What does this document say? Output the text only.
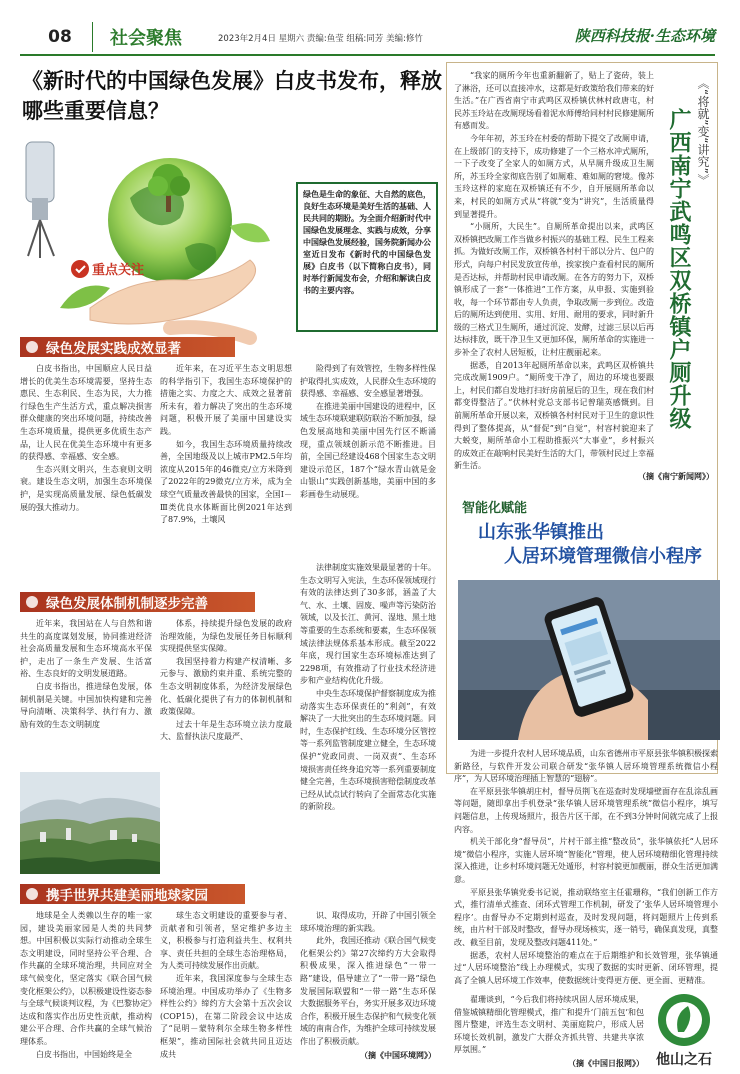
08	社会聚焦	2023年2月4日 星期六 责编:鱼莹 组稿:同芳 美编:修竹	陕西科技报·生态环境
《新时代的中国绿色发展》白皮书发布，释放哪些重要信息？
重点关注
绿色是生命的象征、大自然的底色，良好生态环境是美好生活的基础、人民共同的期盼。为全面介绍新时代中国绿色发展理念、实践与成效，分享中国绿色发展经验，国务院新闻办公室近日发布《新时代的中国绿色发展》白皮书（以下简称白皮书），同时举行新闻发布会，介绍和解读白皮书的主要内容。
绿色发展实践成效显著

白皮书指出，中国顺应人民日益增长的优美生态环境需要，坚持生态惠民、生态利民、生态为民，大力推行绿色生产生活方式，重点解决损害群众健康的突出环境问题，持续改善生态环境质量，提供更多优质生态产品，让人民在优美生态环境中有更多的获得感、幸福感、安全感。

生态兴则文明兴，生态衰则文明衰。建设生态文明，加强生态环境保护，是实现高质量发展、绿色低碳发展的强大推动力。

近年来，在习近平生态文明思想的科学指引下，我国生态环境保护的措施之实、力度之大、成效之显著前所未有，着力解决了突出的生态环境问题，积极开展了美丽中国建设实践。

如今，我国生态环境质量持续改善，全国地级及以上城市PM2.5年均浓度从2015年的46微克/立方米降到了2022年的29微克/立方米，成为全球空气质量改善最快的国家，全国Ⅰ－Ⅲ类优良水体断面比例2021年达到了87.9%，土壤风

险得到了有效管控，生物多样性保护取得扎实成效，人民群众生态环境的获得感、幸福感、安全感显著增强。

在推进美丽中国建设的进程中，区域生态环境联建联防联治不断加强，绿色发展高地和美丽中国先行区不断涌现，重点领域创新示范不断推进。目前，全国已经建设468个国家生态文明建设示范区，187个“绿水青山就是金山银山”实践创新基地，美丽中国的多彩画卷生动展现。

绿色发展体制机制逐步完善

近年来，我国站在人与自然和谐共生的高度谋划发展，协同推进经济社会高质量发展和生态环境高水平保护，走出了一条生产发展、生活富裕、生态良好的文明发展道路。

白皮书指出，推进绿色发展，体制机制是关键。中国加快构建和完善导向清晰、决策科学、执行有力、激励有效的生态文明制度

体系，持续提升绿色发展的政府治理效能，为绿色发展任务目标顺利实现提供坚实保障。

我国坚持着力构建产权清晰、多元参与、激励约束并重、系统完整的生态文明制度体系，为经济发展绿色化、低碳化提供了有力的体制机制和政策保障。

过去十年是生态环境立法力度最大、监督执法尺度最严、

法律制度实施效果最显著的十年。生态文明写入宪法，生态环保领域现行有效的法律达到了30多部，涵盖了大气、水、土壤、固废、噪声等污染防治领域，以及长江、黄河、湿地、黑土地等重要的生态系统和要素，生态环保领域法律法规体系基本形成。截至2022年底，现行国家生态环境标准达到了2298项，有效推动了行业技术经济进步和产业结构优化升级。

中央生态环境保护督察制度成为推动落实生态环保责任的“利剑”，有效解决了一大批突出的生态环境问题。同时，生态保护红线、生态环境分区管控等一系列监管制度建立健全，生态环境保护“党政同责、一岗双责”、生态环境损害责任终身追究等一系列重要制度健全完善，生态环境损害赔偿制度改革已经从试点试行转向了全面常态化实施的新阶段。

携手世界共建美丽地球家园

地球是全人类赖以生存的唯一家园，建设美丽家园是人类的共同梦想。中国积极以实际行动推动全球生态文明建设，同时坚持公平合理、合作共赢的全球环境治理，共同应对全球气候变化，坚定落实《联合国气候变化框架公约》，以积极建设性姿态参与全球气候谈判议程，为《巴黎协定》达成和落实作出历史性贡献，推动构建公平合理、合作共赢的全球气候治理体系。

白皮书指出，中国始终是全

球生态文明建设的重要参与者、贡献者和引领者，坚定维护多边主义，积极参与打造利益共生、权利共享、责任共担的全球生态治理格局，为人类可持续发展作出贡献。

近年来，我国深度参与全球生态环境治理。中国成功举办了《生物多样性公约》缔约方大会第十五次会议(COP15)，在第二阶段会议中达成了“昆明－蒙特利尔全球生物多样性框架”，推动国际社会就共同且迈达成共

识、取得成功，开辟了中国引领全球环境治理的新实践。

此外，我国还推动《联合国气候变化框架公约》第27次缔约方大会取得积极成果，深入推进绿色“一带一路”建设，倡导建立了“一带一路”绿色发展国际联盟和“一带一路”生态环保大数据服务平台，务实开展多双边环境合作，积极开展生态保护和气候变化领域的南南合作，为维护全球可持续发展作出了积极贡献。

（摘《中国环境网》）

《“将就”变“讲究”》
广西南宁武鸣区双桥镇户厕升级

“我家的厕所今年也重新翻新了，贴上了瓷砖，装上了淋浴，还可以直接冲水，这都是好政策给我们带来的好生活。”在广西省南宁市武鸣区双桥镇伏林村政唐屯，村民苏玉玲站在改厕现场看着泥水师傅给同村村民修建厕所有感而发。

今年年初，苏玉玲在村委的帮助下提交了改厕申请，在上级部门的支持下，成功修建了一个三格水冲式厕所，一下子改变了全家人的如厕方式，从早厕升级成卫生厕所，苏玉玲全家彻底告别了如厕难、难如厕的窘境。像苏玉玲这样的家庭在双桥镇还有不少，自开展厕所革命以来，村民的如厕方式从“将就”变为“讲究”，生活质量得到显著提升。

“小厕所，大民生”。自厕所革命提出以来，武鸣区双桥镇把改厕工作当做乡村振兴的基础工程、民生工程来抓。为做好改厕工作，双桥镇各村村干部以分片、包户的形式，向每户村民发放宣传单，挨家挨户查看村民的厕所是否达标，并帮助村民申请改厕。在各方的努力下，双桥镇形成了一套“一体推进”工作方案，从申报、实施到验收，每一个环节都由专人负责，争取改厕一步到位。改造后的厕所达到使用、实用、好用、耐用的要求，同时新升级的三格式卫生厕所，通过沉淀、发酵，过滤三层以后再达标排放，既干净卫生又更加环保，厕所革命的实施进一步补全了农村人居短板，让村庄靓丽起来。

据悉，自2013年起厕所革命以来，武鸣区双桥镇共完成改厕1909户。“厕所变干净了，周边的环境也要跟上，村民们都自发地打扫好房前屋后的卫生，现在我们村都变得整洁了。”伏林村党总支部书记曾瑞英感慨到。目前厕所革命开展以来，双桥镇各村村民对于卫生的意识性得到了整体提高，从“督促”到“自觉”，村容村貌迎来了大蜕变，厕所革命小工程助推振兴“大事业”，乡村振兴的成效正在敲响村民美好生活的大门，带领村民过上幸福新生活。

（摘《南宁新闻网》）
智能化赋能
山东张华镇推出
人居环境管理微信小程序

为进一步提升农村人居环境品质，山东省德州市平原县张华镇积极探索新路径，与软件开发公司联合研发“张华镇人居环境管理系统微信小程序”，为人居环境治理插上智慧的“翅膀”。

在平原县张华镇胡庄村，督导员荆飞在巡查时发现墙壁面存在乱涂乱画等问题，随即拿出手机登录“张华镇人居环境管理系统”微信小程序，填写问题信息，上传现场照片，报告片区干部，在不到3分钟时间就完成了上报内容。

机关干部化身“督导员”，片村干部主推“整改员”，张华镇依托“人居环境”微信小程序，实施人居环境“智能化”管理，使人居环境精细化管理持续深入推进，让乡村环境问题无处遁形，村容村貌更加靓丽，群众生活更加满意。

平原县张华镇党委书记说，推动联络室主任霍珊称，“我们创新工作方式，推行清单式推查、闭环式管理工作机制，研发了‘张华人居环境管理小程序’。由督导办不定期到村巡查，及时发现问题，将问题照片上传到系统，由片村干部及时整改，督导办现场核实，逐一销号，确保真发现，真整改、截至目前，发现及整改问题411处。”

据悉，农村人居环境整治的难点在于后期维护和长效管理，张华镇通过“人居环境整治”线上办理模式，实现了数据的实时更新、闭环管理，提高了全镇人居环境工作效率，使数据统计变得更方便、更全面、更精准。

翟珊谈到，“今后我们将持续巩固人居环境成果，借鉴城镇精细化管理模式，推广和提升‘门前五包’和包图片整建，评选生态文明村、美丽庭院户，形成人居环境长效机制，激发广大群众齐抓共管、共建共享浓厚氛围。”

（摘《中国日报网》） 他山之石
